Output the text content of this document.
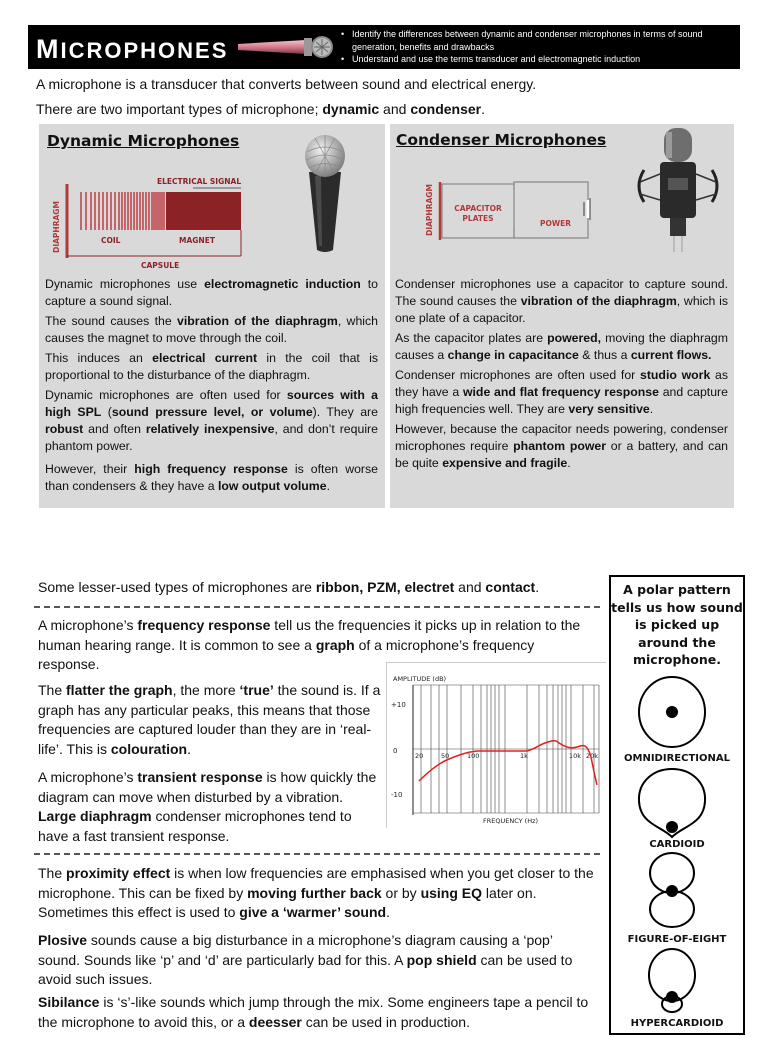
MICROPHONES
• Identify the differences between dynamic and condenser microphones in terms of sound generation, benefits and drawbacks
• Understand and use the terms transducer and electromagnetic induction
A microphone is a transducer that converts between sound and electrical energy.
There are two important types of microphone; dynamic and condenser.
Dynamic Microphones
DIAPHRAGM
ELECTRICAL SIGNAL
COIL	MAGNET
CAPSULE

Dynamic microphones use electromagnetic induction to capture a sound signal.

The sound causes the vibration of the diaphragm, which causes the magnet to move through the coil.

This induces an electrical current in the coil that is proportional to the disturbance of the diaphragm.

Dynamic microphones are often used for sources with a high SPL (sound pressure level, or volume). They are robust and often relatively inexpensive, and don’t require phantom power.

However, their high frequency response is often worse than condensers & they have a low output volume.

Condenser Microphones
DIAPHRAGM	CAPACITOR
PLATES
POWER

Condenser microphones use a capacitor to capture sound. The sound causes the vibration of the diaphragm, which is one plate of a capacitor.

As the capacitor plates are powered, moving the diaphragm causes a change in capacitance & thus a current flows.

Condenser microphones are often used for studio work as they have a wide and flat frequency response and capture high frequencies well. They are very sensitive.

However, because the capacitor needs powering, condenser microphones require phantom power or a battery, and can be quite expensive and fragile.

Some lesser-used types of microphones are ribbon, PZM, electret and contact.
A microphone’s frequency response tell us the frequencies it picks up in relation to the human hearing range. It is common to see a graph of a microphone’s frequency response.
The flatter the graph, the more ‘true’ the sound is. If a graph has any particular peaks, this means that those frequencies are captured louder than they are in ‘real-life’. This is colouration.
A microphone’s transient response is how quickly the diagram can move when disturbed by a vibration. Large diaphragm condenser microphones tend to have a fast transient response.
AMPLITUDE (dB)
+10
0
-10
20	50	100	1k	10k 20k
FREQUENCY (Hz)
The proximity effect is when low frequencies are emphasised when you get closer to the microphone. This can be fixed by moving further back or by using EQ later on. Sometimes this effect is used to give a ‘warmer’ sound.
Plosive sounds cause a big disturbance in a microphone’s diagram causing a ‘pop’ sound. Sounds like ‘p’ and ‘d’ are particularly bad for this. A pop shield can be used to avoid such issues.
Sibilance is ‘s’-like sounds which jump through the mix. Some engineers tape a pencil to the microphone to avoid this, or a deesser can be used in production.
A polar pattern tells us how sound is picked up around the microphone.
OMNIDIRECTIONAL
CARDIOID
FIGURE-OF-EIGHT
HYPERCARDIOID
